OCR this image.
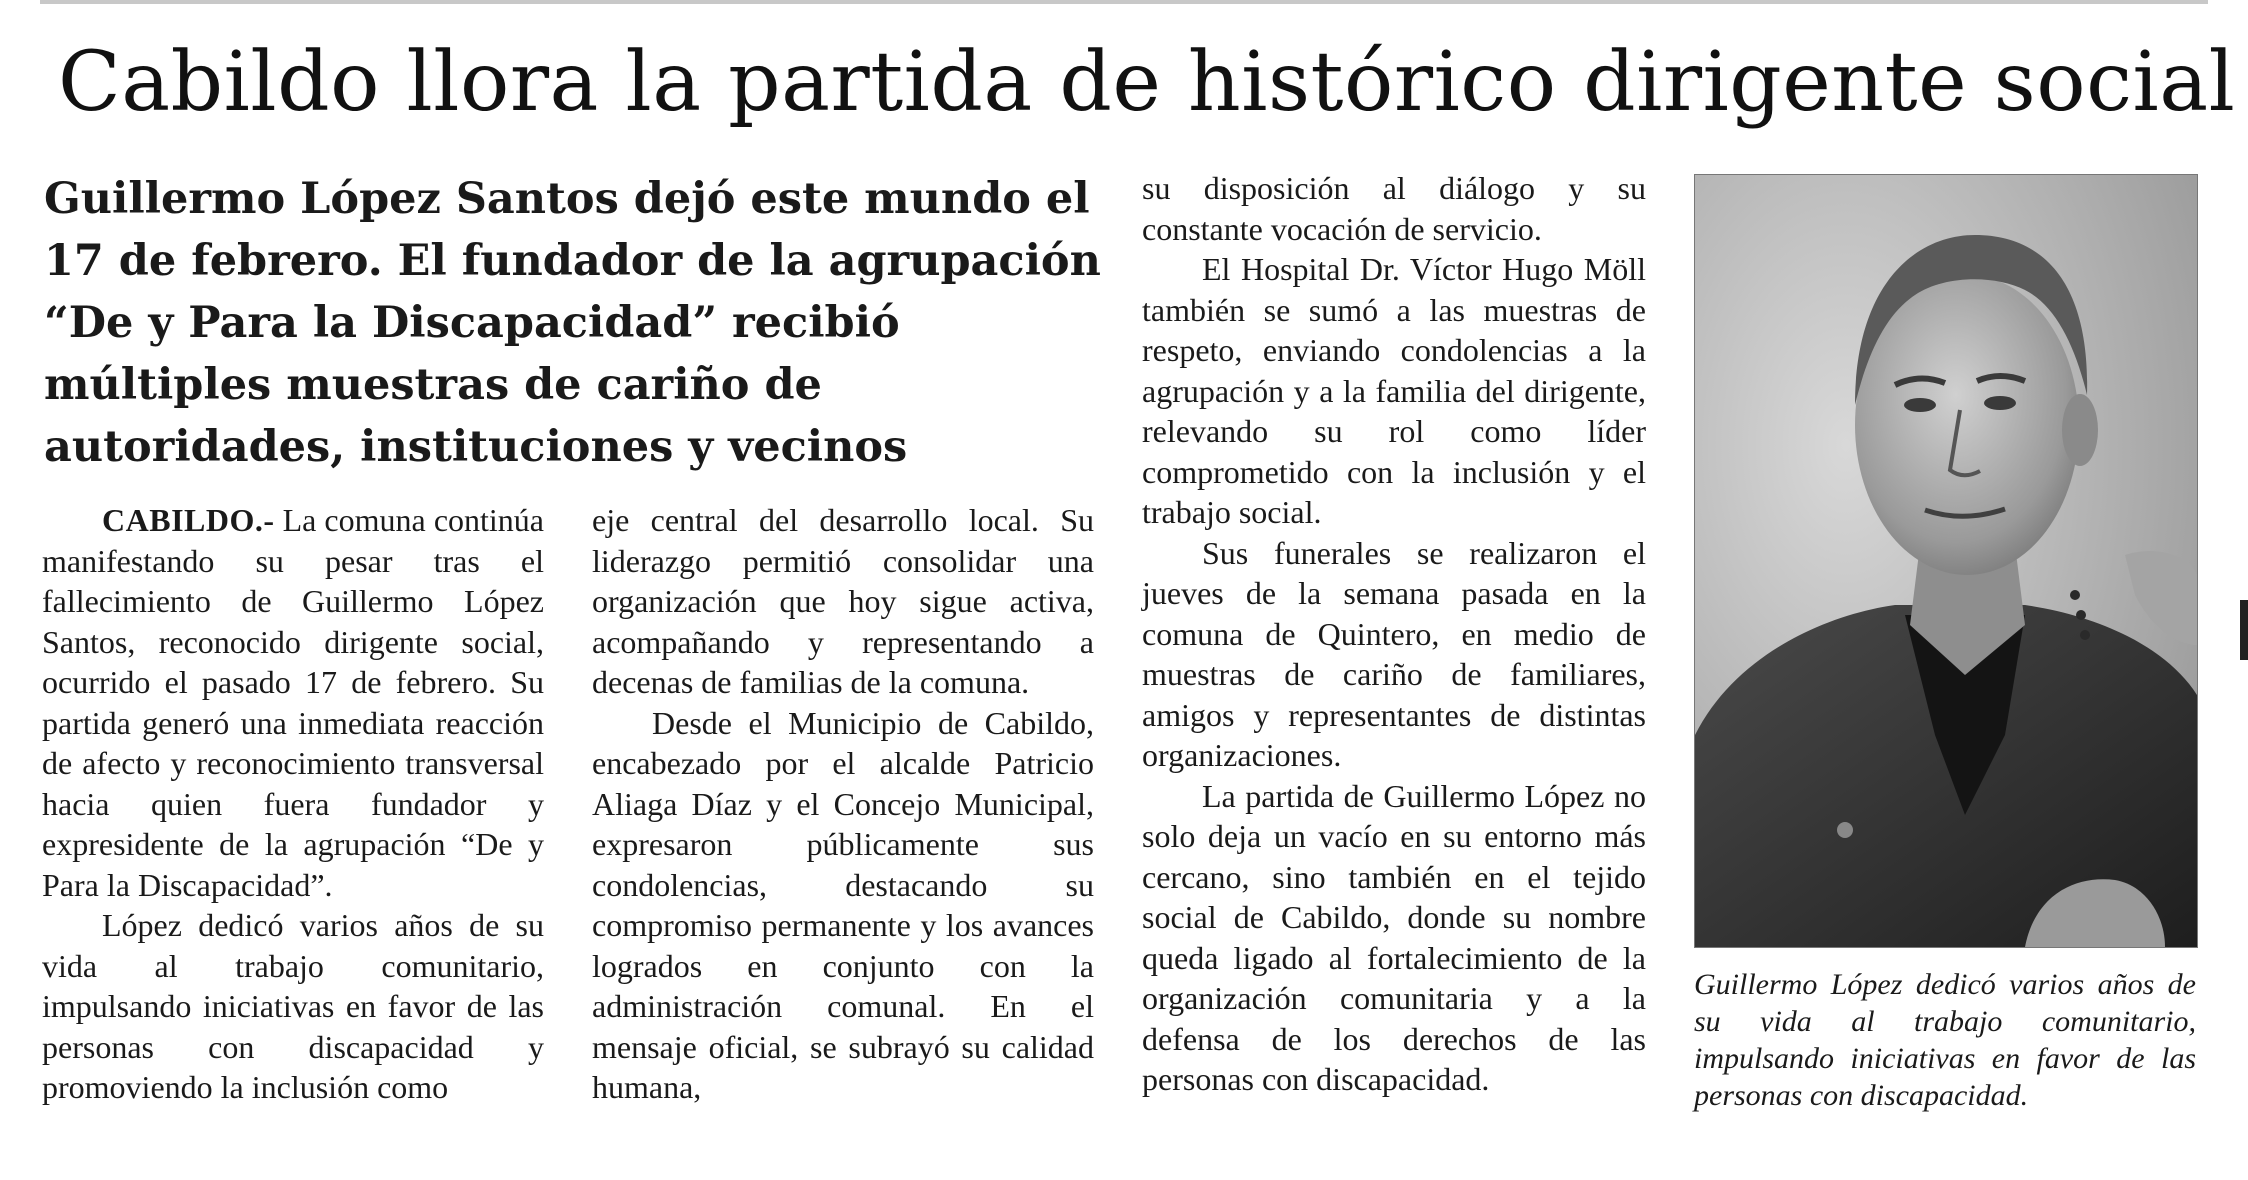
Cabildo llora la partida de histórico dirigente social
Guillermo López Santos dejó este mundo el 17 de febrero. El fundador de la agrupación “De y Para la Discapacidad” recibió múltiples muestras de cariño de autoridades, instituciones y vecinos

CABILDO.- La comuna continúa manifestando su pesar tras el fallecimiento de Guillermo López Santos, reconocido dirigente social, ocurrido el pasado 17 de febrero. Su partida generó una inmediata reacción de afecto y reconocimiento transversal hacia quien fuera fundador y expresidente de la agrupación “De y Para la Discapacidad”.

López dedicó varios años de su vida al trabajo comunitario, impulsando iniciativas en favor de las personas con discapacidad y promoviendo la inclusión como

eje central del desarrollo local. Su liderazgo permitió consolidar una organización que hoy sigue activa, acompañando y representando a decenas de familias de la comuna.

Desde el Municipio de Cabildo, encabezado por el alcalde Patricio Aliaga Díaz y el Concejo Municipal, expresaron públicamente sus condolencias, destacando su compromiso permanente y los avances logrados en conjunto con la administración comunal. En el mensaje oficial, se subrayó su calidad humana,

su disposición al diálogo y su constante vocación de servicio.

El Hospital Dr. Víctor Hugo Möll también se sumó a las muestras de respeto, enviando condolencias a la agrupación y a la familia del dirigente, relevando su rol como líder comprometido con la inclusión y el trabajo social.

Sus funerales se realizaron el jueves de la semana pasada en la comuna de Quintero, en medio de muestras de cariño de familiares, amigos y representantes de distintas organizaciones.

La partida de Guillermo López no solo deja un vacío en su entorno más cercano, sino también en el tejido social de Cabildo, donde su nombre queda ligado al fortalecimiento de la organización comunitaria y a la defensa de los derechos de las personas con discapacidad.

Guillermo López dedicó varios años de su vida al trabajo comunitario, impulsando iniciativas en favor de las personas con discapacidad.
